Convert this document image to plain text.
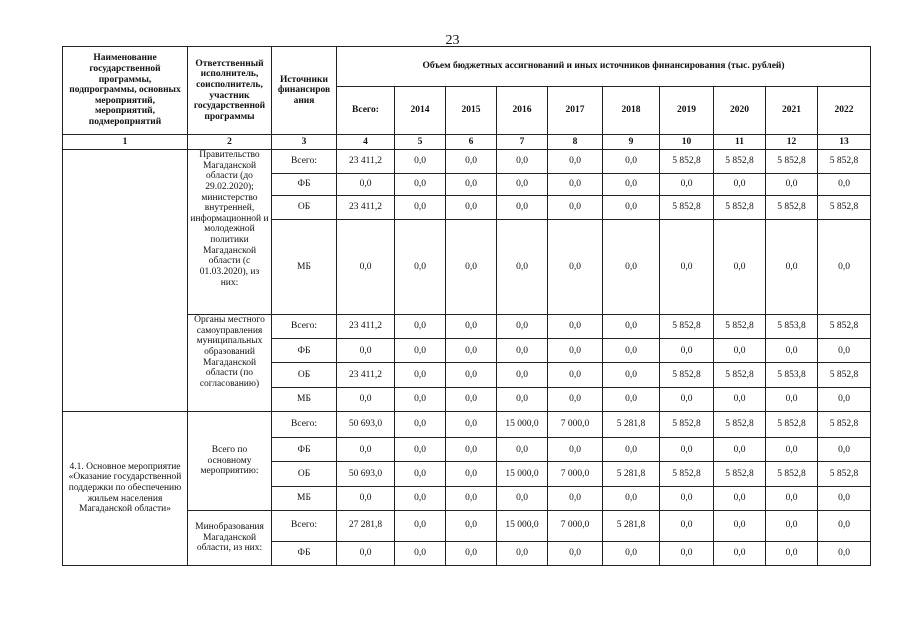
23
Наименование государственной программы, подпрограммы, основных мероприятий, мероприятий, подмероприятий	Ответственный исполнитель, соисполнитель, участник государственной программы	Источники финансиров ания	Объем бюджетных ассигнований и иных источников финансирования (тыс. рублей)									
			Всего:	2014	2015	2016	2017	2018	2019	2020	2021	2022
1	2	3	4	5	6	7	8	9	10	11	12	13
	Правительство Магаданской области (до 29.02.2020); министерство внутренней, информационной и молодежной политики Магаданской области (с 01.03.2020), из них:	Всего:	23 411,2	0,0	0,0	0,0	0,0	0,0	5 852,8	5 852,8	5 852,8	5 852,8
		ФБ	0,0	0,0	0,0	0,0	0,0	0,0	0,0	0,0	0,0	0,0
		ОБ	23 411,2	0,0	0,0	0,0	0,0	0,0	5 852,8	5 852,8	5 852,8	5 852,8
		МБ	0,0	0,0	0,0	0,0	0,0	0,0	0,0	0,0	0,0	0,0
	Органы местного самоуправления муниципальных образований Магаданской области (по согласованию)	Всего:	23 411,2	0,0	0,0	0,0	0,0	0,0	5 852,8	5 852,8	5 853,8	5 852,8
		ФБ	0,0	0,0	0,0	0,0	0,0	0,0	0,0	0,0	0,0	0,0
		ОБ	23 411,2	0,0	0,0	0,0	0,0	0,0	5 852,8	5 852,8	5 853,8	5 852,8
		МБ	0,0	0,0	0,0	0,0	0,0	0,0	0,0	0,0	0,0	0,0
4.1. Основное мероприятие «Оказание государственной поддержки по обеспечению жильем населения Магаданской области»	Всего по основному мероприятию:	Всего:	50 693,0	0,0	0,0	15 000,0	7 000,0	5 281,8	5 852,8	5 852,8	5 852,8	5 852,8
		ФБ	0,0	0,0	0,0	0,0	0,0	0,0	0,0	0,0	0,0	0,0
		ОБ	50 693,0	0,0	0,0	15 000,0	7 000,0	5 281,8	5 852,8	5 852,8	5 852,8	5 852,8
		МБ	0,0	0,0	0,0	0,0	0,0	0,0	0,0	0,0	0,0	0,0
	Минобразования Магаданской области, из них:	Всего:	27 281,8	0,0	0,0	15 000,0	7 000,0	5 281,8	0,0	0,0	0,0	0,0
		ФБ	0,0	0,0	0,0	0,0	0,0	0,0	0,0	0,0	0,0	0,0
